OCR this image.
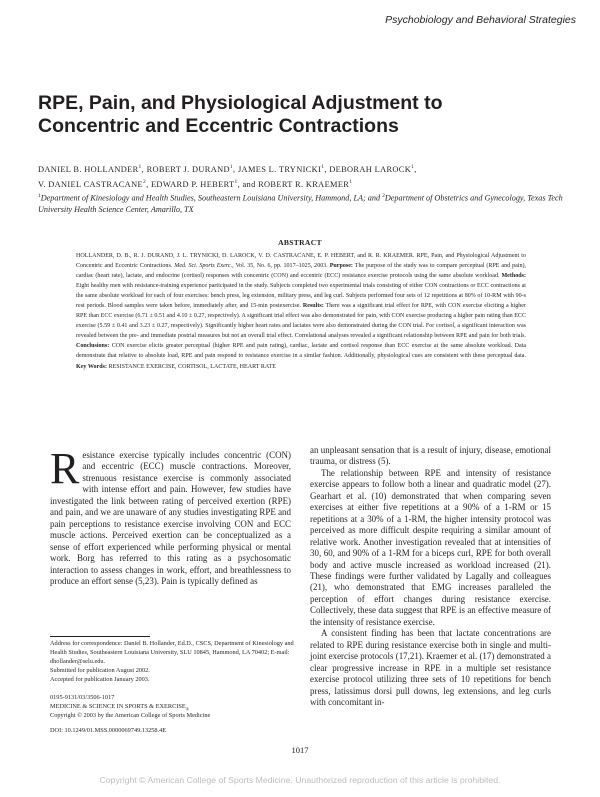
Psychobiology and Behavioral Strategies
RPE, Pain, and Physiological Adjustment to
Concentric and Eccentric Contractions
DANIEL B. HOLLANDER$^1$, ROBERT J. DURAND$^1$, JAMES L. TRYNICKI$^1$, DEBORAH LAROCK$^1$,
V. DANIEL CASTRACANE$^2$, EDWARD P. HEBERT$^1$, and ROBERT R. KRAEMER$^1$
$^1$Department of Kinesiology and Health Studies, Southeastern Louisiana University, Hammond, LA; and $^2$Department of Obstetrics and Gynecology, Texas Tech University Health Science Center, Amarillo, TX
ABSTRACT
HOLLANDER, D. B., R. J. DURAND, J. L. TRYNICKI, D. LAROCK, V. D. CASTRACANE, E. P. HEBERT, and R. R. KRAEMER. RPE, Pain, and Physiological Adjustment to Concentric and Eccentric Contractions. Med. Sci. Sports Exerc., Vol. 35, No. 6, pp. 1017–1025, 2003. Purpose: The purpose of the study was to compare perceptual (RPE and pain), cardiac (heart rate), lactate, and endocrine (cortisol) responses with concentric (CON) and eccentric (ECC) resistance exercise protocols using the same absolute workload. Methods: Eight healthy men with resistance-training experience participated in the study. Subjects completed two experimental trials consisting of either CON contractions or ECC contractions at the same absolute workload for each of four exercises: bench press, leg extension, military press, and leg curl. Subjects performed four sets of 12 repetitions at 80% of 10-RM with 90-s rest periods. Blood samples were taken before, immediately after, and 15-min postexercise. Results: There was a significant trial effect for RPE, with CON exercise eliciting a higher RPE than ECC exercise (6.71 ± 0.51 and 4.10 ± 0.27, respectively). A significant trial effect was also demonstrated for pain, with CON exercise producing a higher pain rating than ECC exercise (5.59 ± 0.41 and 3.23 ± 0.27, respectively). Significantly higher heart rates and lactates were also demonstrated during the CON trial. For cortisol, a significant interaction was revealed between the pre- and immediate postrial measures but not an overall trial effect. Correlational analyses revealed a significant relationship between RPE and pain for both trials. Conclusions: CON exercise elicits greater perceptual (higher RPE and pain rating), cardiac, lactate and cortisol response than ECC exercise at the same absolute workload. Data demonstrate that relative to absolute load, RPE and pain respond to resistance exercise in a similar fashion. Additionally, physiological cues are consistent with these perceptual data. Key Words: RESISTANCE EXERCISE, CORTISOL, LACTATE, HEART RATE

Resistance exercise typically includes concentric (CON) and eccentric (ECC) muscle contractions. Moreover, strenuous resistance exercise is commonly associated with intense effort and pain. However, few studies have investigated the link between rating of perceived exertion (RPE) and pain, and we are unaware of any studies investigating RPE and pain perceptions to resistance exercise involving CON and ECC muscle actions. Perceived exertion can be conceptualized as a sense of effort experienced while performing physical or mental work. Borg has referred to this rating as a psychosomatic interaction to assess changes in work, effort, and breathlessness to produce an effort sense (5,23). Pain is typically defined as

an unpleasant sensation that is a result of injury, disease, emotional trauma, or distress (5).

The relationship between RPE and intensity of resistance exercise appears to follow both a linear and quadratic model (27). Gearhart et al. (10) demonstrated that when comparing seven exercises at either five repetitions at a 90% of a 1-RM or 15 repetitions at a 30% of a 1-RM, the higher intensity protocol was perceived as more difficult despite requiring a similar amount of relative work. Another investigation revealed that at intensities of 30, 60, and 90% of a 1-RM for a biceps curl, RPE for both overall body and active muscle increased as workload increased (21). These findings were further validated by Lagally and colleagues (21), who demonstrated that EMG increases paralleled the perception of effort changes during resistance exercise. Collectively, these data suggest that RPE is an effective measure of the intensity of resistance exercise.

A consistent finding has been that lactate concentrations are related to RPE during resistance exercise both in single and multi-joint exercise protocols (17,21). Kraemer et al. (17) demonstrated a clear progressive increase in RPE in a multiple set resistance exercise protocol utilizing three sets of 10 repetitions for bench press, latissimus dorsi pull downs, leg extensions, and leg curls with concomitant in-

Address for correspondence: Daniel B. Hollander, Ed.D., CSCS, Department of Kinesiology and Health Studies, Southeastern Louisiana University, SLU 10845, Hammond, LA 70402; E-mail: dhollander@selu.edu.
Submitted for publication August 2002.
Accepted for publication January 2003.
0195-9131/03/3506-1017
MEDICINE & SCIENCE IN SPORTS & $EXERCISE_®$
Copyright © 2003 by the American College of Sports Medicine
DOI: 10.1249/01.MSS.0000069749.13258.4E
1017
Copyright © American College of Sports Medicine. Unauthorized reproduction of this article is prohibited.
